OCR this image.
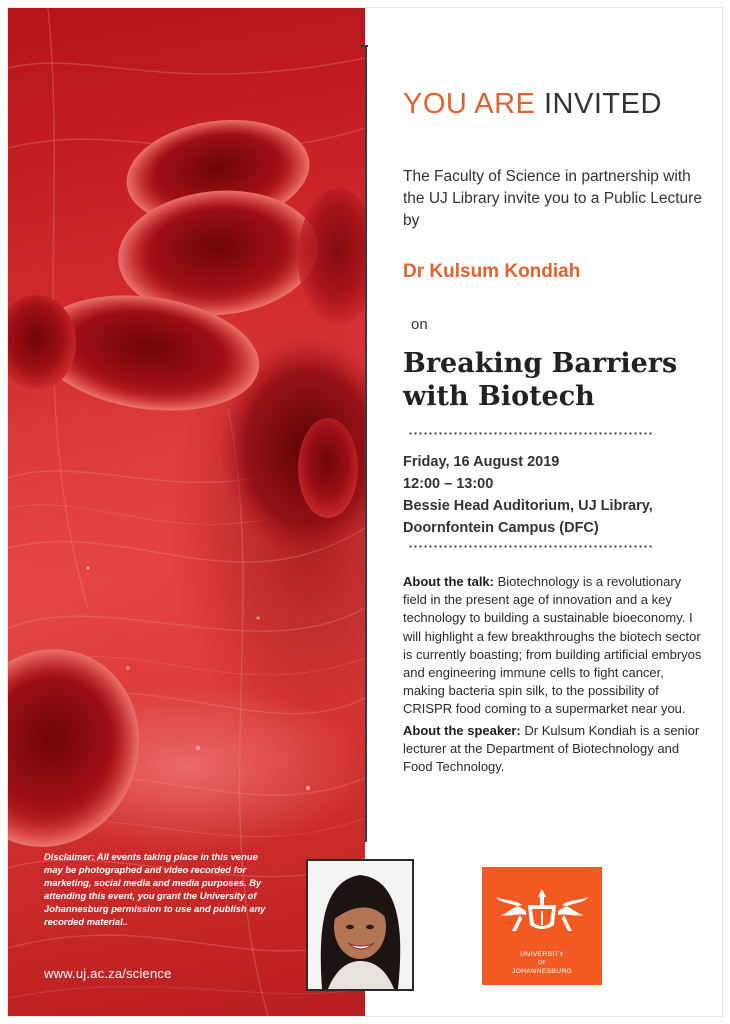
Disclaimer: All events taking place in this venue may be photographed and video recorded for marketing, social media and media purposes. By attending this event, you grant the University of Johannesburg permission to use and publish any recorded material..
www.uj.ac.za/science
YOU ARE INVITED
The Faculty of Science in partnership with the UJ Library invite you to a Public Lecture by
Dr Kulsum Kondiah
on
Breaking Barriers
with Biotech
Friday, 16 August 2019
12:00 – 13:00
Bessie Head Auditorium, UJ Library,
Doornfontein Campus (DFC)

About the talk: Biotechnology is a revolutionary field in the present age of innovation and a key technology to building a sustainable bioeconomy. I will highlight a few breakthroughs the biotech sector is currently boasting; from building artificial embryos and engineering immune cells to fight cancer, making bacteria spin silk, to the possibility of CRISPR food coming to a supermarket near you.

About the speaker: Dr Kulsum Kondiah is a senior lecturer at the Department of Biotechnology and Food Technology.

UNIVERSITY
OF
JOHANNESBURG
